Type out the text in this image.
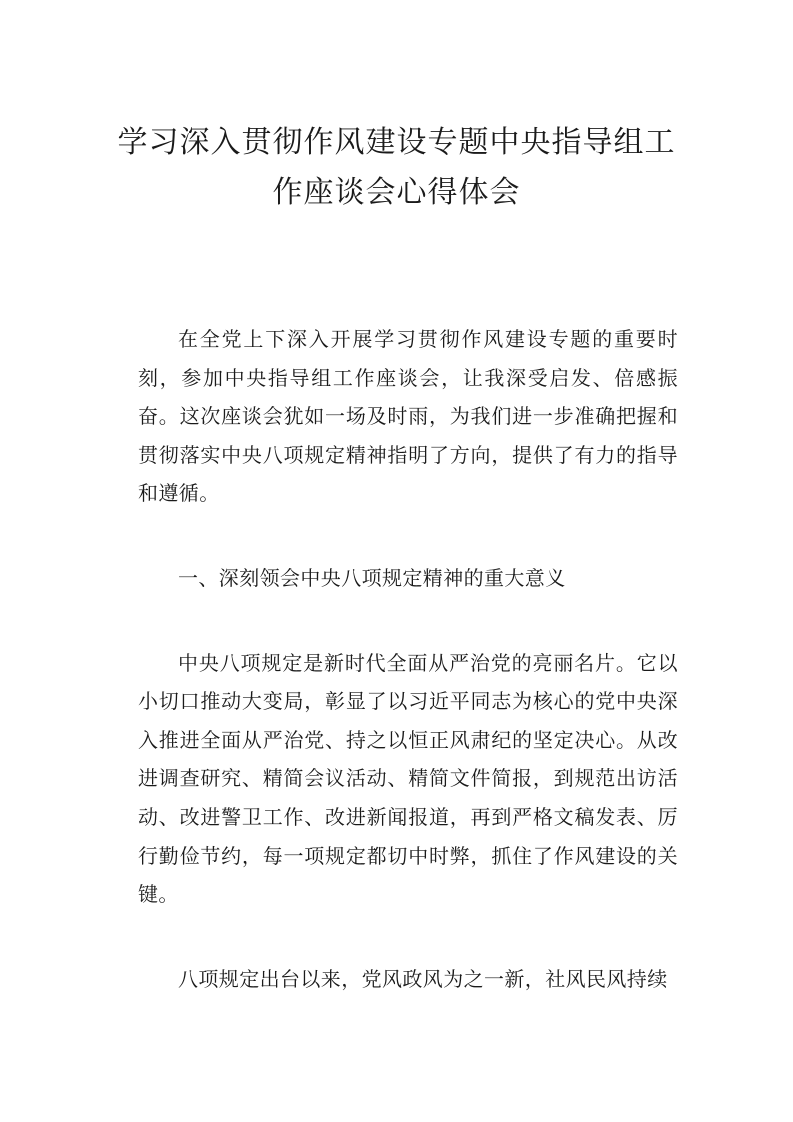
学习深入贯彻作风建设专题中央指导组工
作座谈会心得体会

在全党上下深入开展学习贯彻作风建设专题的重要时刻，参加中央指导组工作座谈会，让我深受启发、倍感振奋。这次座谈会犹如一场及时雨，为我们进一步准确把握和贯彻落实中央八项规定精神指明了方向，提供了有力的指导和遵循。

一、深刻领会中央八项规定精神的重大意义

中央八项规定是新时代全面从严治党的亮丽名片。它以小切口推动大变局，彰显了以习近平同志为核心的党中央深入推进全面从严治党、持之以恒正风肃纪的坚定决心。从改进调查研究、精简会议活动、精简文件简报，到规范出访活动、改进警卫工作、改进新闻报道，再到严格文稿发表、厉行勤俭节约，每一项规定都切中时弊，抓住了作风建设的关键。

八项规定出台以来，党风政风为之一新，社风民风持续
